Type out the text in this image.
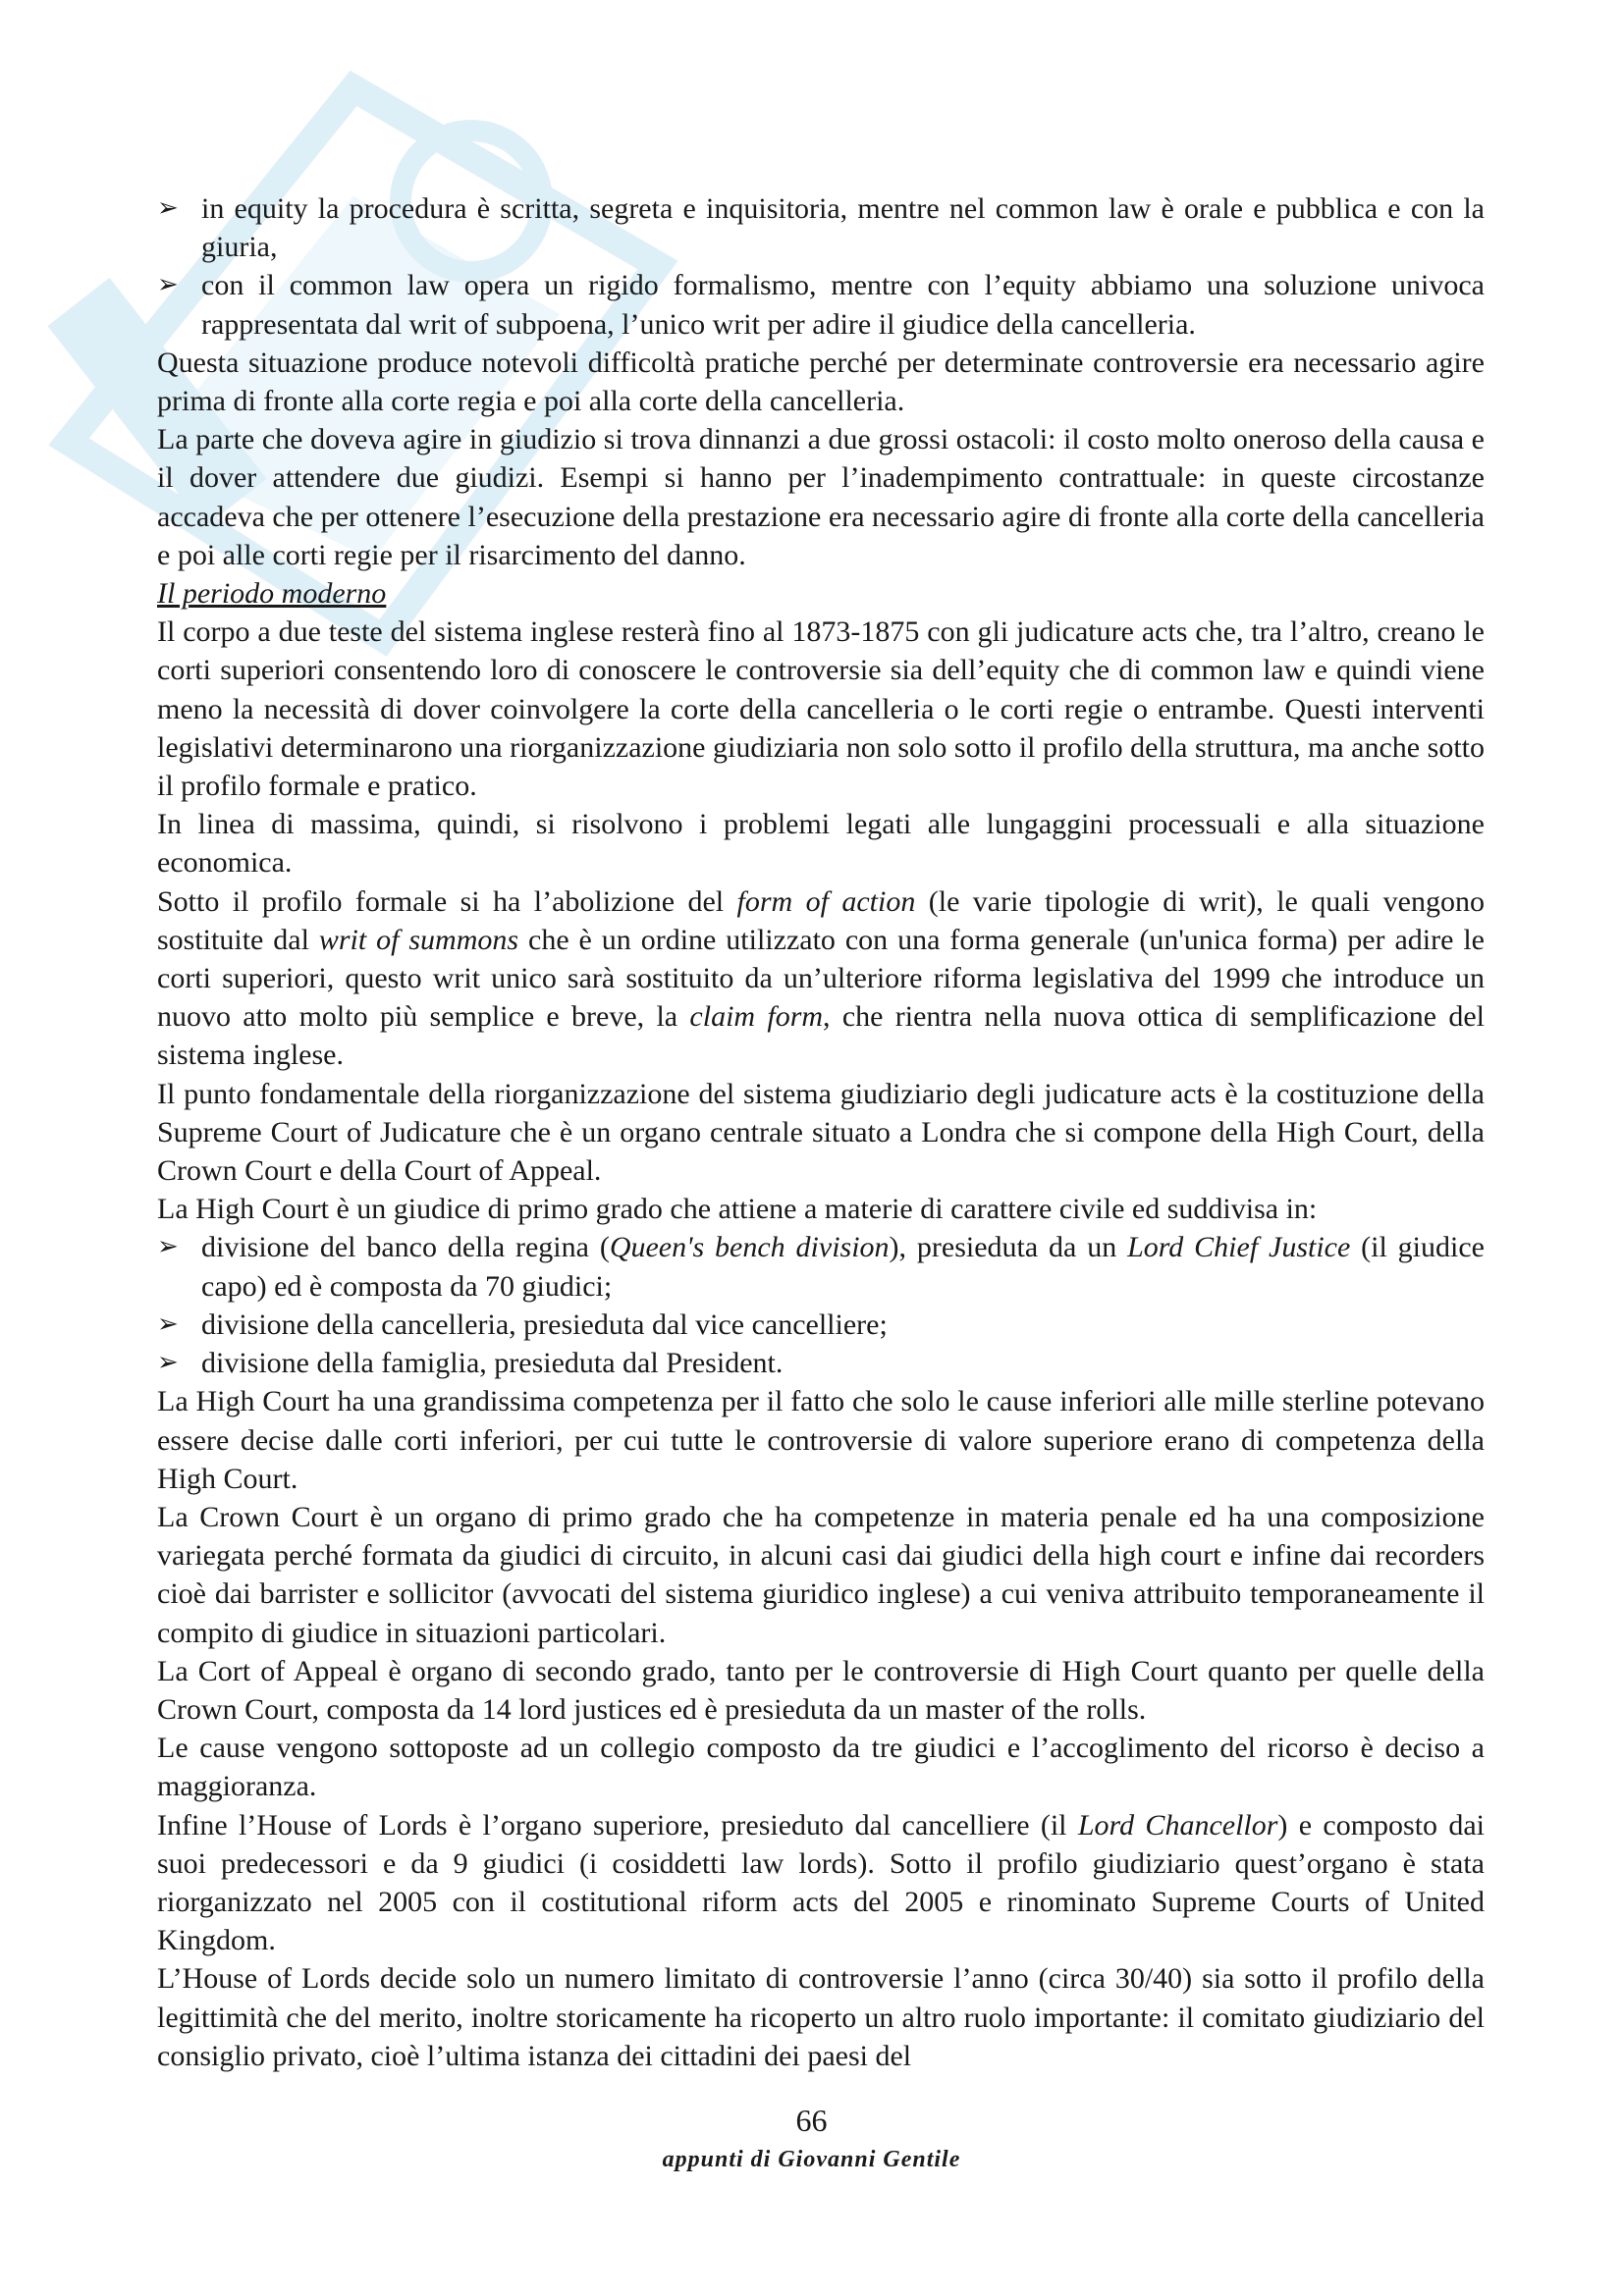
➢ in equity la procedura è scritta, segreta e inquisitoria, mentre nel common law è orale e pubblica e con la giuria,

➢ con il common law opera un rigido formalismo, mentre con l’equity abbiamo una soluzione univoca rappresentata dal writ of subpoena, l’unico writ per adire il giudice della cancelleria.

Questa situazione produce notevoli difficoltà pratiche perché per determinate controversie era necessario agire prima di fronte alla corte regia e poi alla corte della cancelleria.

La parte che doveva agire in giudizio si trova dinnanzi a due grossi ostacoli: il costo molto oneroso della causa e il dover attendere due giudizi. Esempi si hanno per l’inadempimento contrattuale: in queste circostanze accadeva che per ottenere l’esecuzione della prestazione era necessario agire di fronte alla corte della cancelleria e poi alle corti regie per il risarcimento del danno.

Il periodo moderno

Il corpo a due teste del sistema inglese resterà fino al 1873-1875 con gli judicature acts che, tra l’altro, creano le corti superiori consentendo loro di conoscere le controversie sia dell’equity che di common law e quindi viene meno la necessità di dover coinvolgere la corte della cancelleria o le corti regie o entrambe. Questi interventi legislativi determinarono una riorganizzazione giudiziaria non solo sotto il profilo della struttura, ma anche sotto il profilo formale e pratico.

In linea di massima, quindi, si risolvono i problemi legati alle lungaggini processuali e alla situazione economica.

Sotto il profilo formale si ha l’abolizione del form of action (le varie tipologie di writ), le quali vengono sostituite dal writ of summons che è un ordine utilizzato con una forma generale (un'unica forma) per adire le corti superiori, questo writ unico sarà sostituito da un’ulteriore riforma legislativa del 1999 che introduce un nuovo atto molto più semplice e breve, la claim form, che rientra nella nuova ottica di semplificazione del sistema inglese.

Il punto fondamentale della riorganizzazione del sistema giudiziario degli judicature acts è la costituzione della Supreme Court of Judicature che è un organo centrale situato a Londra che si compone della High Court, della Crown Court e della Court of Appeal.

La High Court è un giudice di primo grado che attiene a materie di carattere civile ed suddivisa in:

➢ divisione del banco della regina (Queen's bench division), presieduta da un Lord Chief Justice (il giudice capo) ed è composta da 70 giudici;

➢ divisione della cancelleria, presieduta dal vice cancelliere;

➢ divisione della famiglia, presieduta dal President.

La High Court ha una grandissima competenza per il fatto che solo le cause inferiori alle mille sterline potevano essere decise dalle corti inferiori, per cui tutte le controversie di valore superiore erano di competenza della High Court.

La Crown Court è un organo di primo grado che ha competenze in materia penale ed ha una composizione variegata perché formata da giudici di circuito, in alcuni casi dai giudici della high court e infine dai recorders cioè dai barrister e sollicitor (avvocati del sistema giuridico inglese) a cui veniva attribuito temporaneamente il compito di giudice in situazioni particolari.

La Cort of Appeal è organo di secondo grado, tanto per le controversie di High Court quanto per quelle della Crown Court, composta da 14 lord justices ed è presieduta da un master of the rolls.

Le cause vengono sottoposte ad un collegio composto da tre giudici e l’accoglimento del ricorso è deciso a maggioranza.

Infine l’House of Lords è l’organo superiore, presieduto dal cancelliere (il Lord Chancellor) e composto dai suoi predecessori e da 9 giudici (i cosiddetti law lords). Sotto il profilo giudiziario quest’organo è stata riorganizzato nel 2005 con il costitutional riform acts del 2005 e rinominato Supreme Courts of United Kingdom.

L’House of Lords decide solo un numero limitato di controversie l’anno (circa 30/40) sia sotto il profilo della legittimità che del merito, inoltre storicamente ha ricoperto un altro ruolo importante: il comitato giudiziario del consiglio privato, cioè l’ultima istanza dei cittadini dei paesi del

66
appunti di Giovanni Gentile
